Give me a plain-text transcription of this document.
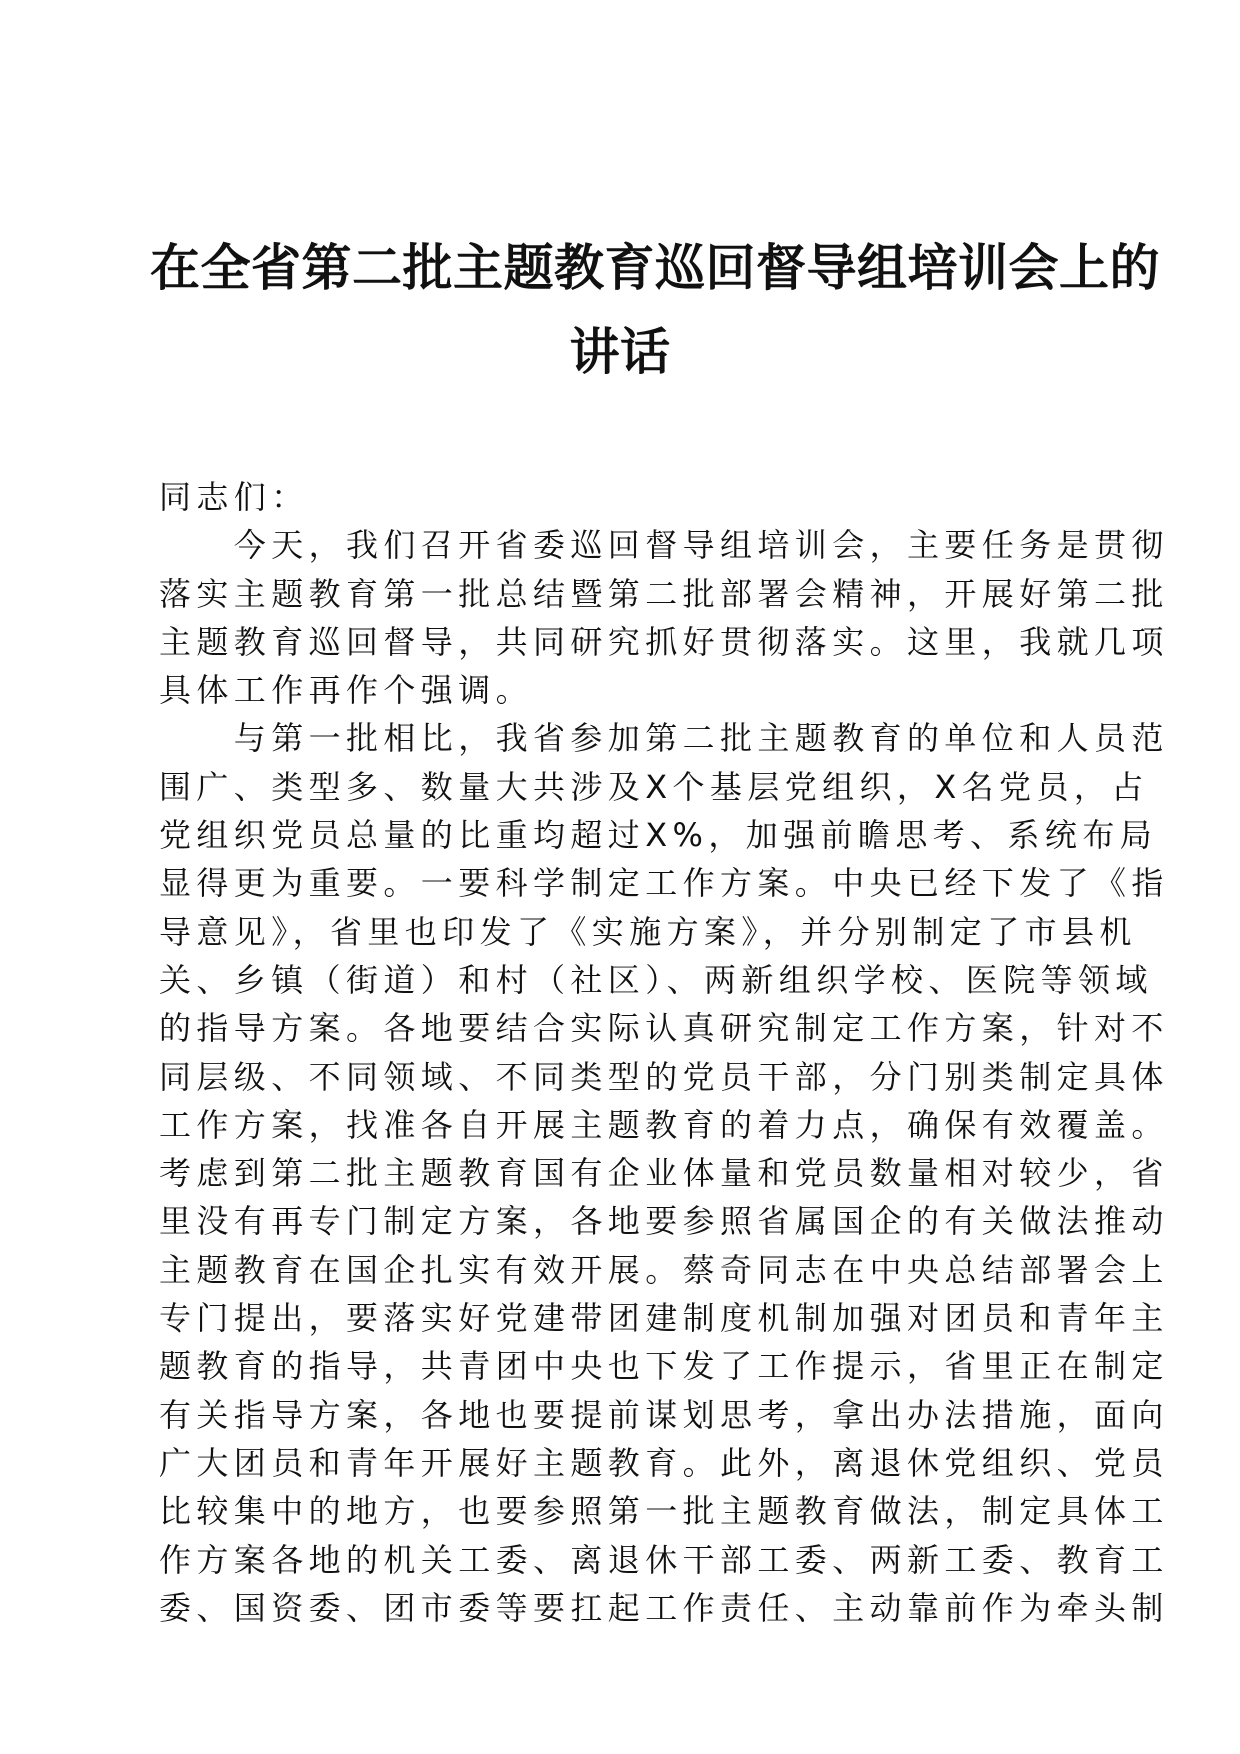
在全省第二批主题教育巡回督导组培训会上的
讲话
同志们：
　　今天，我们召开省委巡回督导组培训会，主要任务是贯彻
落实主题教育第一批总结暨第二批部署会精神，开展好第二批
主题教育巡回督导，共同研究抓好贯彻落实。这里，我就几项
具体工作再作个强调。
　　与第一批相比，我省参加第二批主题教育的单位和人员范
围广、类型多、数量大共涉及X个基层党组织，X名党员，占
党组织党员总量的比重均超过X%，加强前瞻思考、系统布局
显得更为重要。一要科学制定工作方案。中央已经下发了《指
导意见》，省里也印发了《实施方案》，并分别制定了市县机
关、乡镇（街道）和村（社区）、两新组织学校、医院等领域
的指导方案。各地要结合实际认真研究制定工作方案，针对不
同层级、不同领域、不同类型的党员干部，分门别类制定具体
工作方案，找准各自开展主题教育的着力点，确保有效覆盖。
考虑到第二批主题教育国有企业体量和党员数量相对较少，省
里没有再专门制定方案，各地要参照省属国企的有关做法推动
主题教育在国企扎实有效开展。蔡奇同志在中央总结部署会上
专门提出，要落实好党建带团建制度机制加强对团员和青年主
题教育的指导，共青团中央也下发了工作提示，省里正在制定
有关指导方案，各地也要提前谋划思考，拿出办法措施，面向
广大团员和青年开展好主题教育。此外，离退休党组织、党员
比较集中的地方，也要参照第一批主题教育做法，制定具体工
作方案各地的机关工委、离退休干部工委、两新工委、教育工
委、国资委、团市委等要扛起工作责任、主动靠前作为牵头制
